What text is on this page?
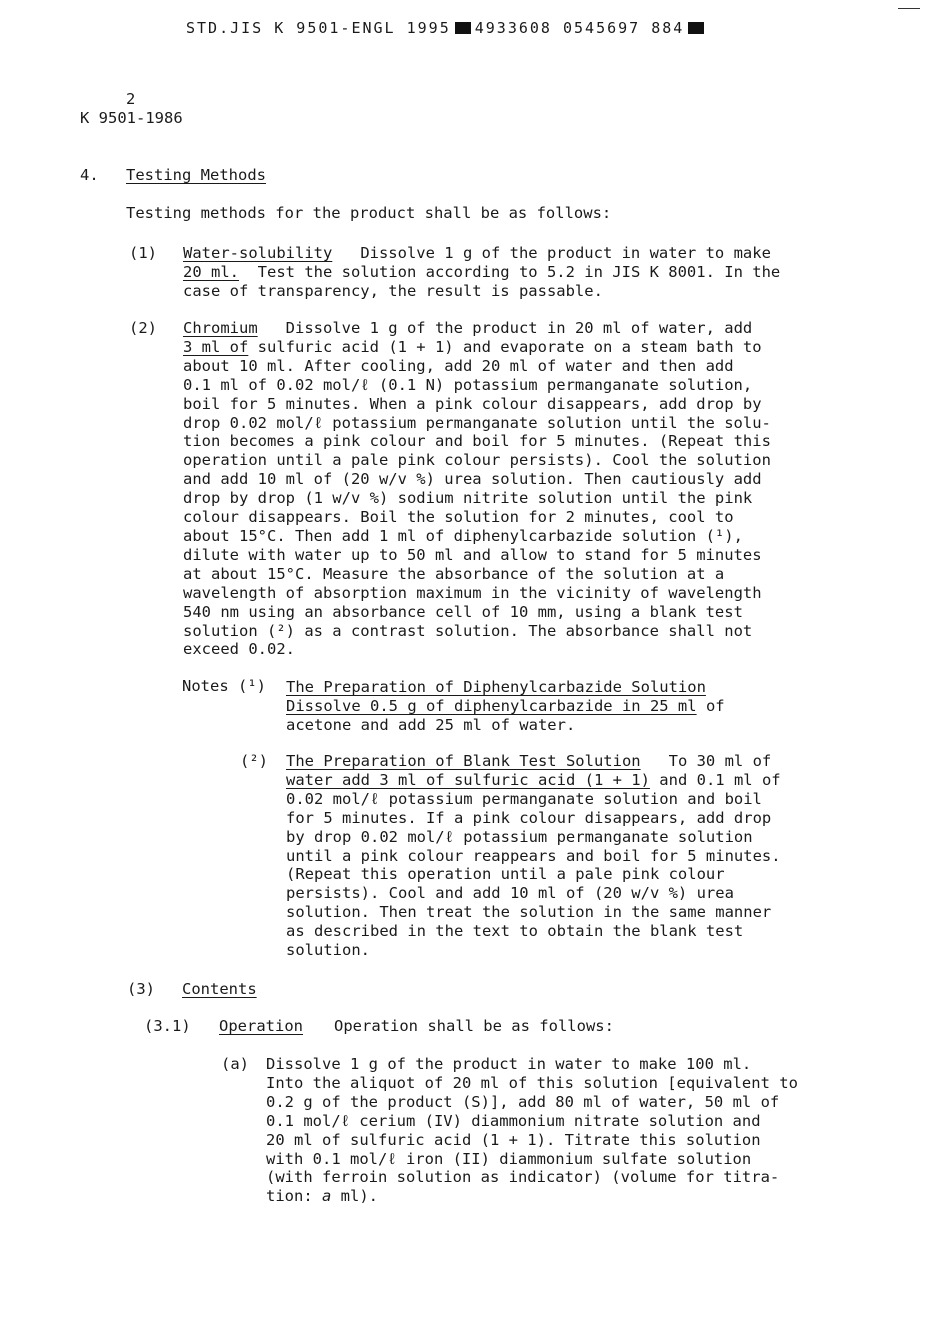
STD.JIS K 9501-ENGL 1995 4933608 0545697 884
2
K 9501-1986
4. Testing Methods
Testing methods for the product shall be as follows:
(1) Water-solubility Dissolve 1 g of the product in water to make
20 ml. Test the solution according to 5.2 in JIS K 8001. In the
case of transparency, the result is passable.
(2) Chromium Dissolve 1 g of the product in 20 ml of water, add
3 ml of sulfuric acid (1 + 1) and evaporate on a steam bath to
about 10 ml. After cooling, add 20 ml of water and then add
0.1 ml of 0.02 mol/ℓ (0.1 N) potassium permanganate solution,
boil for 5 minutes. When a pink colour disappears, add drop by
drop 0.02 mol/ℓ potassium permanganate solution until the solu-
tion becomes a pink colour and boil for 5 minutes. (Repeat this
operation until a pale pink colour persists). Cool the solution
and add 10 ml of (20 w/v %) urea solution. Then cautiously add
drop by drop (1 w/v %) sodium nitrite solution until the pink
colour disappears. Boil the solution for 2 minutes, cool to
about 15°C. Then add 1 ml of diphenylcarbazide solution (¹),
dilute with water up to 50 ml and allow to stand for 5 minutes
at about 15°C. Measure the absorbance of the solution at a
wavelength of absorption maximum in the vicinity of wavelength
540 nm using an absorbance cell of 10 mm, using a blank test
solution (²) as a contrast solution. The absorbance shall not
exceed 0.02.
Notes (¹) The Preparation of Diphenylcarbazide Solution
Dissolve 0.5 g of diphenylcarbazide in 25 ml of
acetone and add 25 ml of water.
(²) The Preparation of Blank Test Solution To 30 ml of
water add 3 ml of sulfuric acid (1 + 1) and 0.1 ml of
0.02 mol/ℓ potassium permanganate solution and boil
for 5 minutes. If a pink colour disappears, add drop
by drop 0.02 mol/ℓ potassium permanganate solution
until a pink colour reappears and boil for 5 minutes.
(Repeat this operation until a pale pink colour
persists). Cool and add 10 ml of (20 w/v %) urea
solution. Then treat the solution in the same manner
as described in the text to obtain the blank test
solution.
(3) Contents
(3.1) Operation Operation shall be as follows:
(a) Dissolve 1 g of the product in water to make 100 ml.
Into the aliquot of 20 ml of this solution [equivalent to
0.2 g of the product (S)], add 80 ml of water, 50 ml of
0.1 mol/ℓ cerium (IV) diammonium nitrate solution and
20 ml of sulfuric acid (1 + 1). Titrate this solution
with 0.1 mol/ℓ iron (II) diammonium sulfate solution
(with ferroin solution as indicator) (volume for titra-
tion: a ml).
